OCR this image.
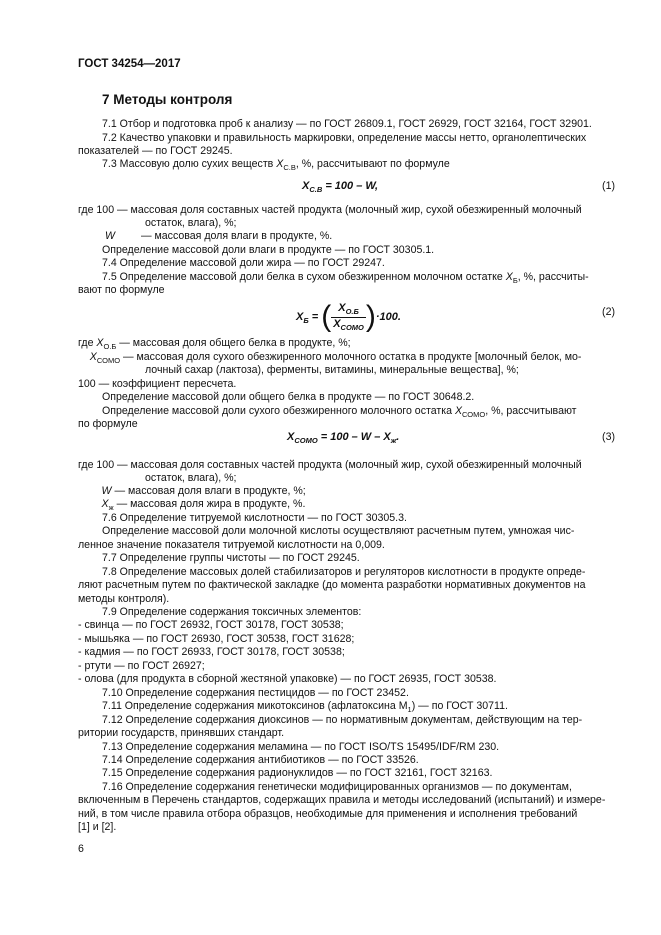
ГОСТ 34254—2017
7 Методы контроля
7.1 Отбор и подготовка проб к анализу — по ГОСТ 26809.1, ГОСТ 26929, ГОСТ 32164, ГОСТ 32901.
7.2 Качество упаковки и правильность маркировки, определение массы нетто, органолептических
показателей — по ГОСТ 29245.
7.3 Массовую долю сухих веществ $X_{С.В}$, %, рассчитывают по формуле
где 100 — массовая доля составных частей продукта (молочный жир, сухой обезжиренный молочный
остаток, влага), %;
W — массовая доля влаги в продукте, %.
Определение массовой доли влаги в продукте — по ГОСТ 30305.1.
7.4 Определение массовой доли жира — по ГОСТ 29247.
7.5 Определение массовой доли белка в сухом обезжиренном молочном остатке $X_Б$, %, рассчиты-
вают по формуле
где $X_{О.Б}$ — массовая доля общего белка в продукте, %;
$X_{СОМО}$ — массовая доля сухого обезжиренного молочного остатка в продукте [молочный белок, мо-
лочный сахар (лактоза), ферменты, витамины, минеральные вещества], %;
100 — коэффициент пересчета.
Определение массовой доли общего белка в продукте — по ГОСТ 30648.2.
Определение массовой доли сухого обезжиренного молочного остатка $X_{СОМО}$, %, рассчитывают
по формуле
где 100 — массовая доля составных частей продукта (молочный жир, сухой обезжиренный молочный
остаток, влага), %;
W — массовая доля влаги в продукте, %;
$X_ж$ — массовая доля жира в продукте, %.
7.6 Определение титруемой кислотности — по ГОСТ 30305.3.
Определение массовой доли молочной кислоты осуществляют расчетным путем, умножая чис-
ленное значение показателя титруемой кислотности на 0,009.
7.7 Определение группы чистоты — по ГОСТ 29245.
7.8 Определение массовых долей стабилизаторов и регуляторов кислотности в продукте опреде-
ляют расчетным путем по фактической закладке (до момента разработки нормативных документов на
методы контроля).
7.9 Определение содержания токсичных элементов:
- свинца — по ГОСТ 26932, ГОСТ 30178, ГОСТ 30538;
- мышьяка — по ГОСТ 26930, ГОСТ 30538, ГОСТ 31628;
- кадмия — по ГОСТ 26933, ГОСТ 30178, ГОСТ 30538;
- ртути — по ГОСТ 26927;
- олова (для продукта в сборной жестяной упаковке) — по ГОСТ 26935, ГОСТ 30538.
7.10 Определение содержания пестицидов — по ГОСТ 23452.
7.11 Определение содержания микотоксинов (афлатоксина $M_1$) — по ГОСТ 30711.
7.12 Определение содержания диоксинов — по нормативным документам, действующим на тер-
ритории государств, принявших стандарт.
7.13 Определение содержания меламина — по ГОСТ ISO/TS 15495/IDF/RM 230.
7.14 Определение содержания антибиотиков — по ГОСТ 33526.
7.15 Определение содержания радионуклидов — по ГОСТ 32161, ГОСТ 32163.
7.16 Определение содержания генетически модифицированных организмов — по документам,
включенным в Перечень стандартов, содержащих правила и методы исследований (испытаний) и измере-
ний, в том числе правила отбора образцов, необходимые для применения и исполнения требований
[1] и [2].
$X_{С.В} = 100 - W$,	(1)
$X_Б$ = ( $\frac{X_{О.Б}}{X_{СОМО}} )\cdot 100$.	(2)
$X_{СОМО} = 100 - W - X_ж$.	(3)
6
